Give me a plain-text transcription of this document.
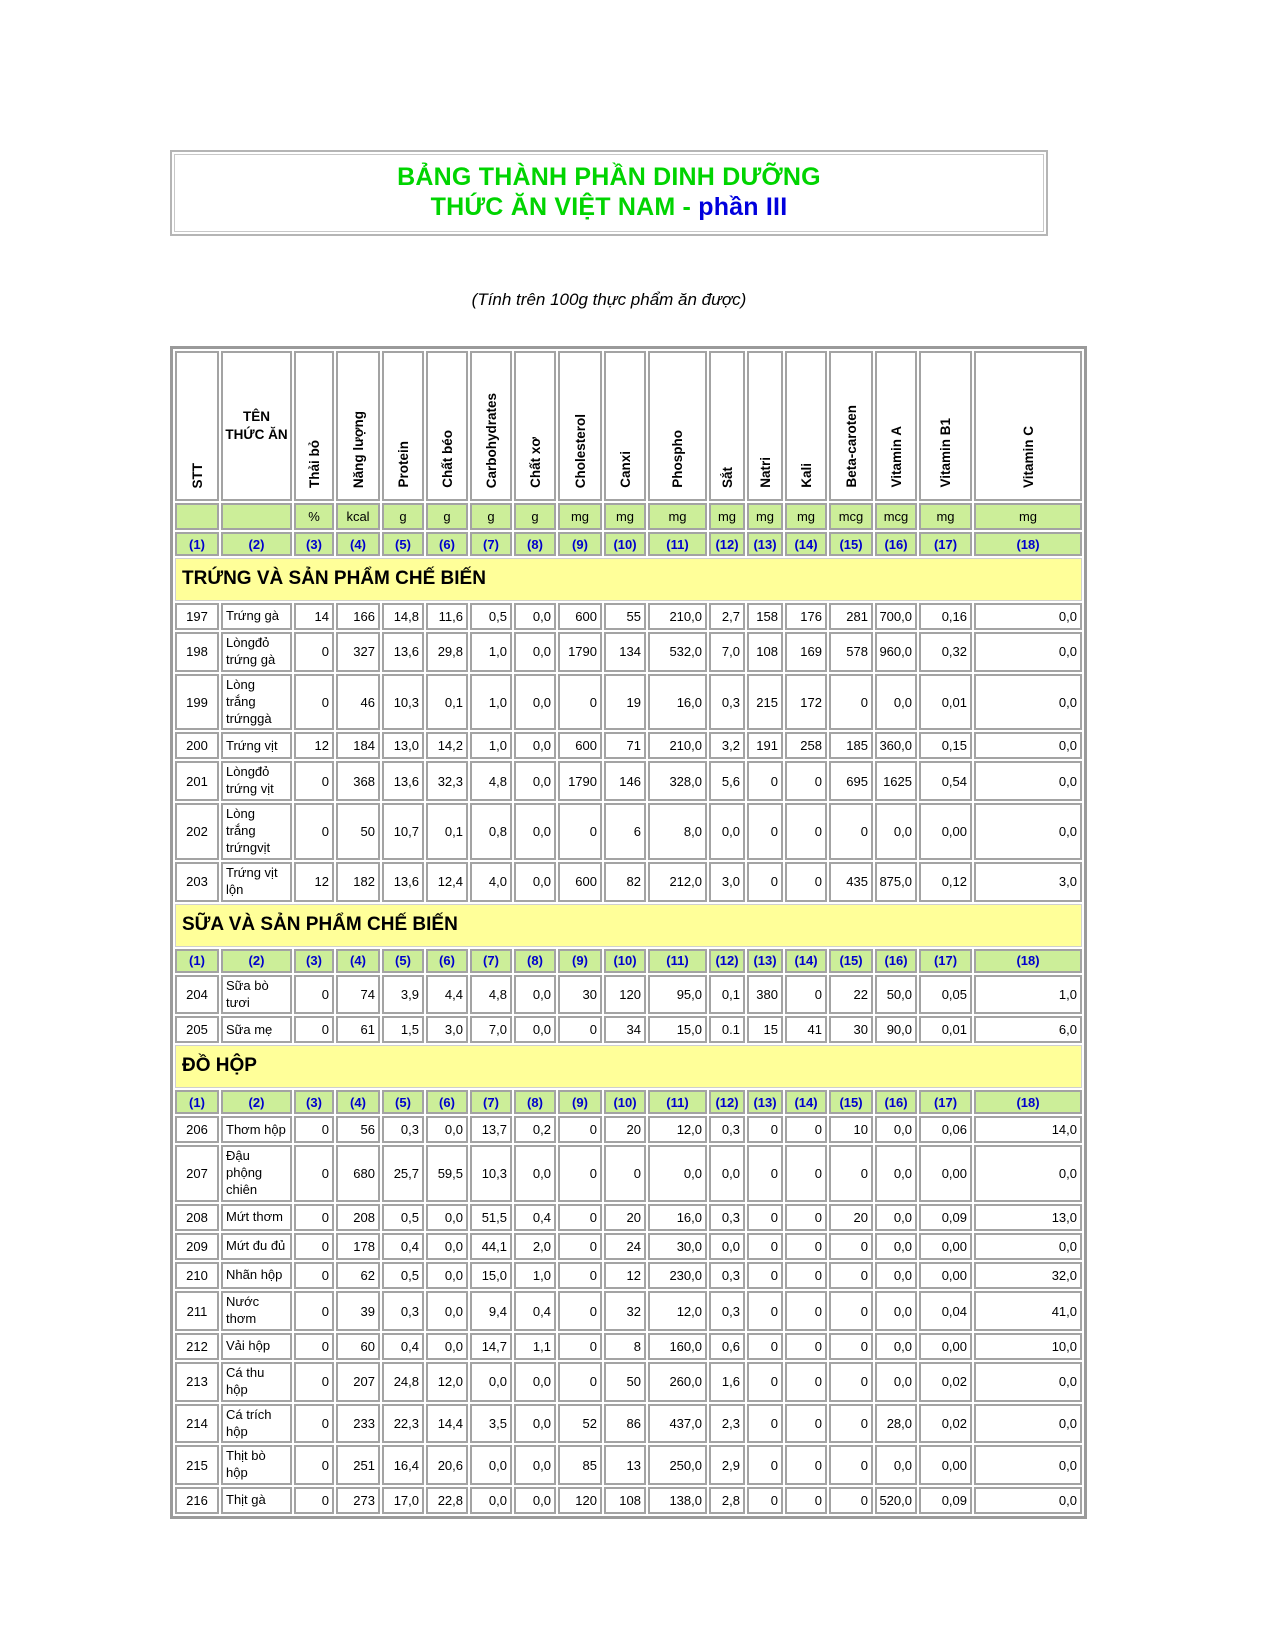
BẢNG THÀNH PHẦN DINH DƯỠNG
THỨC ĂN VIỆT NAM - phần III
(Tính trên 100g thực phẩm ăn được)
STT	TÊN THỨC ĂN	Thải bỏ	Năng lượng	Protein	Chất béo	Carbohydrates	Chất xơ	Cholesterol	Canxi	Phospho	Sắt	Natri	Kali	Beta-caroten	Vitamin A	Vitamin B1	Vitamin C
		%	kcal	g	g	g	g	mg	mg	mg	mg	mg	mg	mcg	mcg	mg	mg
(1)	(2)	(3)	(4)	(5)	(6)	(7)	(8)	(9)	(10)	(11)	(12)	(13)	(14)	(15)	(16)	(17)	(18)
TRỨNG VÀ SẢN PHẨM CHẾ BIẾN																	
197	Trứng gà	14	166	14,8	11,6	0,5	0,0	600	55	210,0	2,7	158	176	281	700,0	0,16	0,0
198	Lòngđỏ trứng gà	0	327	13,6	29,8	1,0	0,0	1790	134	532,0	7,0	108	169	578	960,0	0,32	0,0
199	Lòng trắng trứnggà	0	46	10,3	0,1	1,0	0,0	0	19	16,0	0,3	215	172	0	0,0	0,01	0,0
200	Trứng vịt	12	184	13,0	14,2	1,0	0,0	600	71	210,0	3,2	191	258	185	360,0	0,15	0,0
201	Lòngđỏ trứng vịt	0	368	13,6	32,3	4,8	0,0	1790	146	328,0	5,6	0	0	695	1625	0,54	0,0
202	Lòng trắng trứngvịt	0	50	10,7	0,1	0,8	0,0	0	6	8,0	0,0	0	0	0	0,0	0,00	0,0
203	Trứng vịt lộn	12	182	13,6	12,4	4,0	0,0	600	82	212,0	3,0	0	0	435	875,0	0,12	3,0
SỮA VÀ SẢN PHẨM CHẾ BIẾN																	
(1)	(2)	(3)	(4)	(5)	(6)	(7)	(8)	(9)	(10)	(11)	(12)	(13)	(14)	(15)	(16)	(17)	(18)
204	Sữa bò tươi	0	74	3,9	4,4	4,8	0,0	30	120	95,0	0,1	380	0	22	50,0	0,05	1,0
205	Sữa mẹ	0	61	1,5	3,0	7,0	0,0	0	34	15,0	0.1	15	41	30	90,0	0,01	6,0
ĐỒ HỘP																	
(1)	(2)	(3)	(4)	(5)	(6)	(7)	(8)	(9)	(10)	(11)	(12)	(13)	(14)	(15)	(16)	(17)	(18)
206	Thơm hộp	0	56	0,3	0,0	13,7	0,2	0	20	12,0	0,3	0	0	10	0,0	0,06	14,0
207	Đậu phộng chiên	0	680	25,7	59,5	10,3	0,0	0	0	0,0	0,0	0	0	0	0,0	0,00	0,0
208	Mứt thơm	0	208	0,5	0,0	51,5	0,4	0	20	16,0	0,3	0	0	20	0,0	0,09	13,0
209	Mứt đu đủ	0	178	0,4	0,0	44,1	2,0	0	24	30,0	0,0	0	0	0	0,0	0,00	0,0
210	Nhãn hộp	0	62	0,5	0,0	15,0	1,0	0	12	230,0	0,3	0	0	0	0,0	0,00	32,0
211	Nước thơm	0	39	0,3	0,0	9,4	0,4	0	32	12,0	0,3	0	0	0	0,0	0,04	41,0
212	Vải hộp	0	60	0,4	0,0	14,7	1,1	0	8	160,0	0,6	0	0	0	0,0	0,00	10,0
213	Cá thu hộp	0	207	24,8	12,0	0,0	0,0	0	50	260,0	1,6	0	0	0	0,0	0,02	0,0
214	Cá trích hộp	0	233	22,3	14,4	3,5	0,0	52	86	437,0	2,3	0	0	0	28,0	0,02	0,0
215	Thịt bò hộp	0	251	16,4	20,6	0,0	0,0	85	13	250,0	2,9	0	0	0	0,0	0,00	0,0
216	Thịt gà	0	273	17,0	22,8	0,0	0,0	120	108	138,0	2,8	0	0	0	520,0	0,09	0,0
